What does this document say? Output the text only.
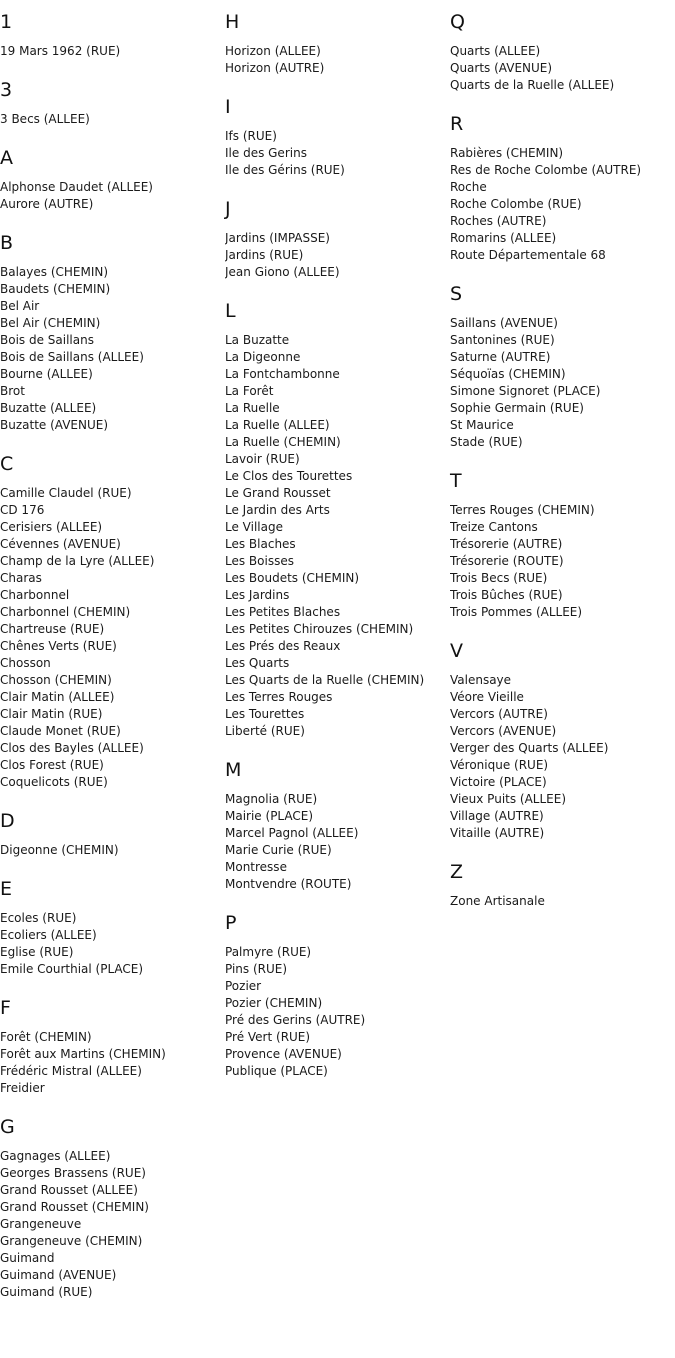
1
19 Mars 1962 (RUE)
3
3 Becs (ALLEE)
A
Alphonse Daudet (ALLEE)
Aurore (AUTRE)
B
Balayes (CHEMIN)
Baudets (CHEMIN)
Bel Air
Bel Air (CHEMIN)
Bois de Saillans
Bois de Saillans (ALLEE)
Bourne (ALLEE)
Brot
Buzatte (ALLEE)
Buzatte (AVENUE)
C
Camille Claudel (RUE)
CD 176
Cerisiers (ALLEE)
Cévennes (AVENUE)
Champ de la Lyre (ALLEE)
Charas
Charbonnel
Charbonnel (CHEMIN)
Chartreuse (RUE)
Chênes Verts (RUE)
Chosson
Chosson (CHEMIN)
Clair Matin (ALLEE)
Clair Matin (RUE)
Claude Monet (RUE)
Clos des Bayles (ALLEE)
Clos Forest (RUE)
Coquelicots (RUE)
D
Digeonne (CHEMIN)
E
Ecoles (RUE)
Ecoliers (ALLEE)
Eglise (RUE)
Emile Courthial (PLACE)
F
Forêt (CHEMIN)
Forêt aux Martins (CHEMIN)
Frédéric Mistral (ALLEE)
Freidier
G
Gagnages (ALLEE)
Georges Brassens (RUE)
Grand Rousset (ALLEE)
Grand Rousset (CHEMIN)
Grangeneuve
Grangeneuve (CHEMIN)
Guimand
Guimand (AVENUE)
Guimand (RUE)
H
Horizon (ALLEE)
Horizon (AUTRE)
I
Ifs (RUE)
Ile des Gerins
Ile des Gérins (RUE)
J
Jardins (IMPASSE)
Jardins (RUE)
Jean Giono (ALLEE)
L
La Buzatte
La Digeonne
La Fontchambonne
La Forêt
La Ruelle
La Ruelle (ALLEE)
La Ruelle (CHEMIN)
Lavoir (RUE)
Le Clos des Tourettes
Le Grand Rousset
Le Jardin des Arts
Le Village
Les Blaches
Les Boisses
Les Boudets (CHEMIN)
Les Jardins
Les Petites Blaches
Les Petites Chirouzes (CHEMIN)
Les Prés des Reaux
Les Quarts
Les Quarts de la Ruelle (CHEMIN)
Les Terres Rouges
Les Tourettes
Liberté (RUE)
M
Magnolia (RUE)
Mairie (PLACE)
Marcel Pagnol (ALLEE)
Marie Curie (RUE)
Montresse
Montvendre (ROUTE)
P
Palmyre (RUE)
Pins (RUE)
Pozier
Pozier (CHEMIN)
Pré des Gerins (AUTRE)
Pré Vert (RUE)
Provence (AVENUE)
Publique (PLACE)
Q
Quarts (ALLEE)
Quarts (AVENUE)
Quarts de la Ruelle (ALLEE)
R
Rabières (CHEMIN)
Res de Roche Colombe (AUTRE)
Roche
Roche Colombe (RUE)
Roches (AUTRE)
Romarins (ALLEE)
Route Départementale 68
S
Saillans (AVENUE)
Santonines (RUE)
Saturne (AUTRE)
Séquoïas (CHEMIN)
Simone Signoret (PLACE)
Sophie Germain (RUE)
St Maurice
Stade (RUE)
T
Terres Rouges (CHEMIN)
Treize Cantons
Trésorerie (AUTRE)
Trésorerie (ROUTE)
Trois Becs (RUE)
Trois Bûches (RUE)
Trois Pommes (ALLEE)
V
Valensaye
Véore Vieille
Vercors (AUTRE)
Vercors (AVENUE)
Verger des Quarts (ALLEE)
Véronique (RUE)
Victoire (PLACE)
Vieux Puits (ALLEE)
Village (AUTRE)
Vitaille (AUTRE)
Z
Zone Artisanale
